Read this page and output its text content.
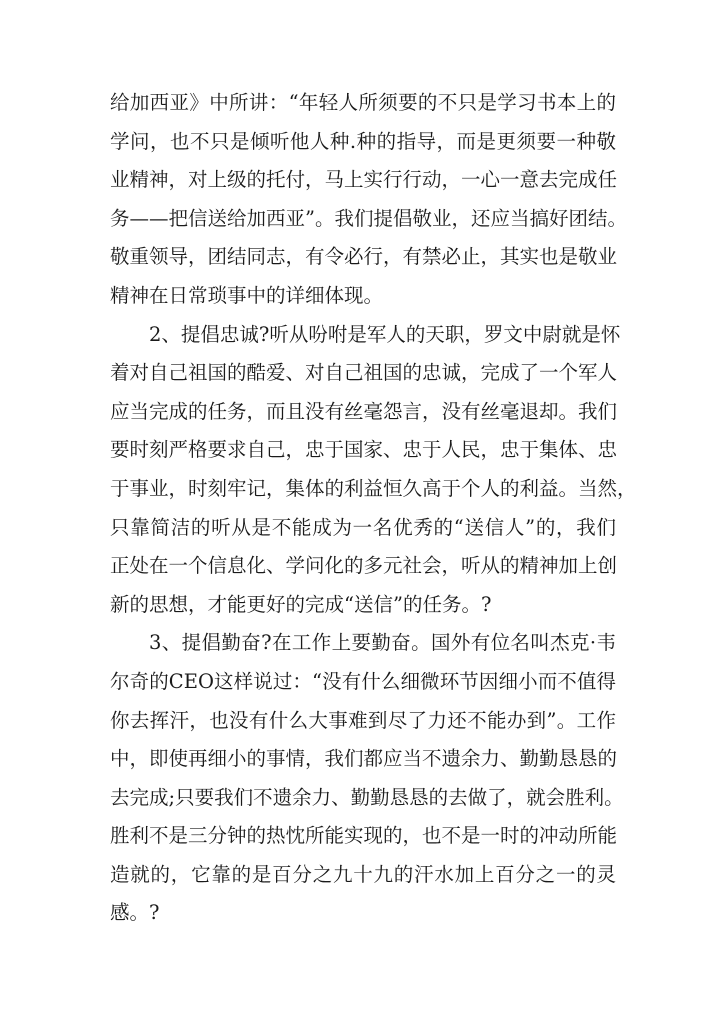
给加西亚》中所讲：“年轻人所须要的不只是学习书本上的
学问，也不只是倾听他人种.种的指导，而是更须要一种敬
业精神，对上级的托付，马上实行行动，一心一意去完成任
务——把信送给加西亚”。我们提倡敬业，还应当搞好团结。
敬重领导，团结同志，有令必行，有禁必止，其实也是敬业
精神在日常琐事中的详细体现。
2、提倡忠诚?听从吩咐是军人的天职，罗文中尉就是怀
着对自己祖国的酷爱、对自己祖国的忠诚，完成了一个军人
应当完成的任务，而且没有丝毫怨言，没有丝毫退却。我们
要时刻严格要求自己，忠于国家、忠于人民，忠于集体、忠
于事业，时刻牢记，集体的利益恒久高于个人的利益。当然，
只靠简洁的听从是不能成为一名优秀的“送信人”的，我们
正处在一个信息化、学问化的多元社会，听从的精神加上创
新的思想，才能更好的完成“送信”的任务。?
3、提倡勤奋?在工作上要勤奋。国外有位名叫杰克·韦
尔奇的CEO这样说过：“没有什么细微环节因细小而不值得
你去挥汗，也没有什么大事难到尽了力还不能办到”。工作
中，即使再细小的事情，我们都应当不遗余力、勤勤恳恳的
去完成;只要我们不遗余力、勤勤恳恳的去做了，就会胜利。
胜利不是三分钟的热忱所能实现的，也不是一时的冲动所能
造就的，它靠的是百分之九十九的汗水加上百分之一的灵
感。?
